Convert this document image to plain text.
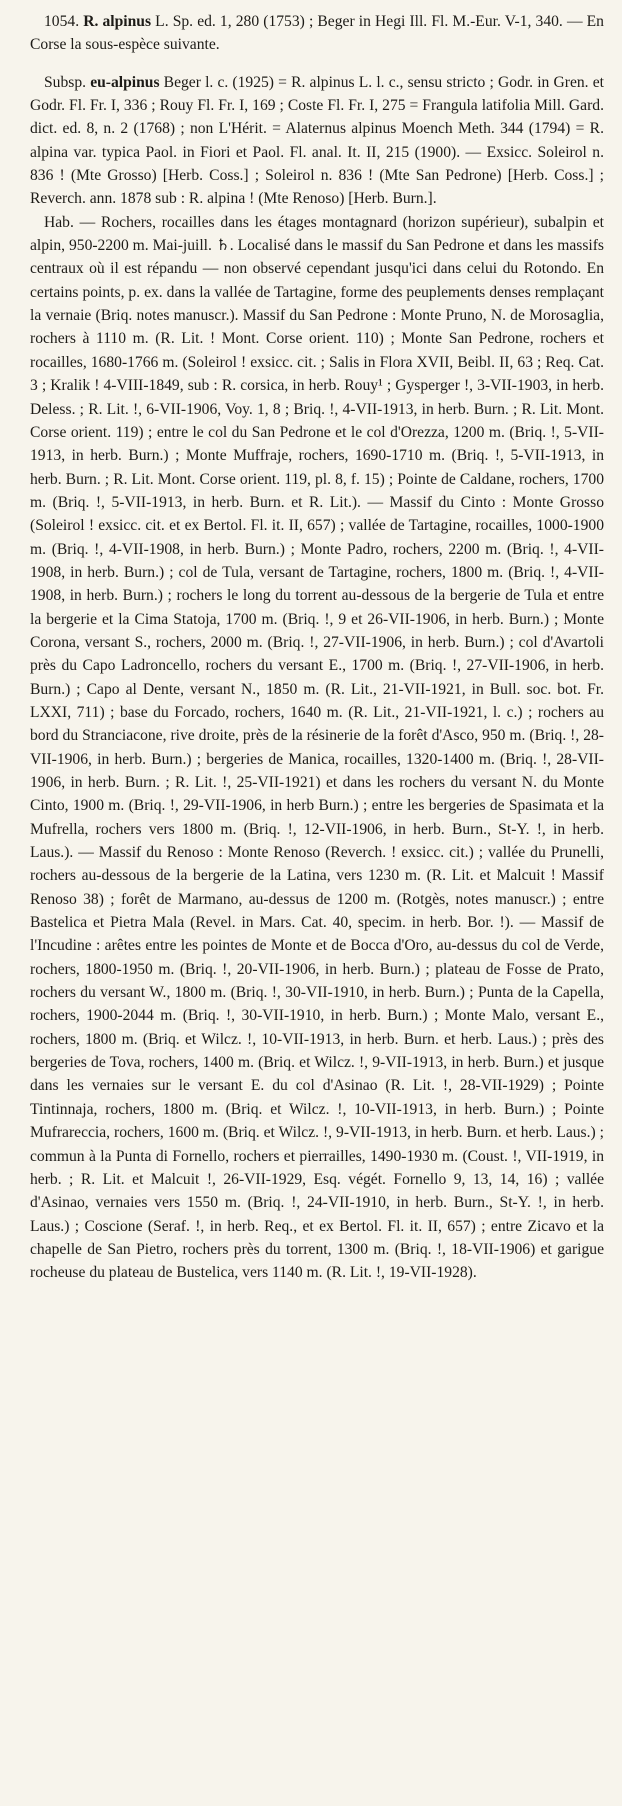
1054. R. alpinus L. Sp. ed. 1, 280 (1753) ; Beger in Hegi Ill. Fl. M.-Eur. V-1, 340. — En Corse la sous-espèce suivante.

Subsp. eu-alpinus Beger l. c. (1925) = R. alpinus L. l. c., sensu stricto ; Godr. in Gren. et Godr. Fl. Fr. I, 336 ; Rouy Fl. Fr. I, 169 ; Coste Fl. Fr. I, 275 = Frangula latifolia Mill. Gard. dict. ed. 8, n. 2 (1768) ; non L'Hérit. = Alaternus alpinus Moench Meth. 344 (1794) = R. alpina var. typica Paol. in Fiori et Paol. Fl. anal. It. II, 215 (1900). — Exsicc. Soleirol n. 836 ! (Mte Grosso) [Herb. Coss.] ; Soleirol n. 836 ! (Mte San Pedrone) [Herb. Coss.] ; Reverch. ann. 1878 sub : R. alpina ! (Mte Renoso) [Herb. Burn.].

Hab. — Rochers, rocailles dans les étages montagnard (horizon supérieur), subalpin et alpin, 950-2200 m. Mai-juill. ♄. Localisé dans le massif du San Pedrone et dans les massifs centraux où il est répandu — non observé cependant jusqu'ici dans celui du Rotondo. En certains points, p. ex. dans la vallée de Tartagine, forme des peuplements denses remplaçant la vernaie (Briq. notes manuscr.). Massif du San Pedrone : Monte Pruno, N. de Morosaglia, rochers à 1110 m. (R. Lit. ! Mont. Corse orient. 110) ; Monte San Pedrone, rochers et rocailles, 1680-1766 m. (Soleirol ! exsicc. cit. ; Salis in Flora XVII, Beibl. II, 63 ; Req. Cat. 3 ; Kralik ! 4-VIII-1849, sub : R. corsica, in herb. Rouy¹ ; Gysperger !, 3-VII-1903, in herb. Deless. ; R. Lit. !, 6-VII-1906, Voy. 1, 8 ; Briq. !, 4-VII-1913, in herb. Burn. ; R. Lit. Mont. Corse orient. 119) ; entre le col du San Pedrone et le col d'Orezza, 1200 m. (Briq. !, 5-VII-1913, in herb. Burn.) ; Monte Muffraje, rochers, 1690-1710 m. (Briq. !, 5-VII-1913, in herb. Burn. ; R. Lit. Mont. Corse orient. 119, pl. 8, f. 15) ; Pointe de Caldane, rochers, 1700 m. (Briq. !, 5-VII-1913, in herb. Burn. et R. Lit.). — Massif du Cinto : Monte Grosso (Soleirol ! exsicc. cit. et ex Bertol. Fl. it. II, 657) ; vallée de Tartagine, rocailles, 1000-1900 m. (Briq. !, 4-VII-1908, in herb. Burn.) ; Monte Padro, rochers, 2200 m. (Briq. !, 4-VII-1908, in herb. Burn.) ; col de Tula, versant de Tartagine, rochers, 1800 m. (Briq. !, 4-VII-1908, in herb. Burn.) ; rochers le long du torrent au-dessous de la bergerie de Tula et entre la bergerie et la Cima Statoja, 1700 m. (Briq. !, 9 et 26-VII-1906, in herb. Burn.) ; Monte Corona, versant S., rochers, 2000 m. (Briq. !, 27-VII-1906, in herb. Burn.) ; col d'Avartoli près du Capo Ladroncello, rochers du versant E., 1700 m. (Briq. !, 27-VII-1906, in herb. Burn.) ; Capo al Dente, versant N., 1850 m. (R. Lit., 21-VII-1921, in Bull. soc. bot. Fr. LXXI, 711) ; base du Forcado, rochers, 1640 m. (R. Lit., 21-VII-1921, l. c.) ; rochers au bord du Stranciacone, rive droite, près de la résinerie de la forêt d'Asco, 950 m. (Briq. !, 28-VII-1906, in herb. Burn.) ; bergeries de Manica, rocailles, 1320-1400 m. (Briq. !, 28-VII-1906, in herb. Burn. ; R. Lit. !, 25-VII-1921) et dans les rochers du versant N. du Monte Cinto, 1900 m. (Briq. !, 29-VII-1906, in herb Burn.) ; entre les bergeries de Spasimata et la Mufrella, rochers vers 1800 m. (Briq. !, 12-VII-1906, in herb. Burn., St-Y. !, in herb. Laus.). — Massif du Renoso : Monte Renoso (Reverch. ! exsicc. cit.) ; vallée du Prunelli, rochers au-dessous de la bergerie de la Latina, vers 1230 m. (R. Lit. et Malcuit ! Massif Renoso 38) ; forêt de Marmano, au-dessus de 1200 m. (Rotgès, notes manuscr.) ; entre Bastelica et Pietra Mala (Revel. in Mars. Cat. 40, specim. in herb. Bor. !). — Massif de l'Incudine : arêtes entre les pointes de Monte et de Bocca d'Oro, au-dessus du col de Verde, rochers, 1800-1950 m. (Briq. !, 20-VII-1906, in herb. Burn.) ; plateau de Fosse de Prato, rochers du versant W., 1800 m. (Briq. !, 30-VII-1910, in herb. Burn.) ; Punta de la Capella, rochers, 1900-2044 m. (Briq. !, 30-VII-1910, in herb. Burn.) ; Monte Malo, versant E., rochers, 1800 m. (Briq. et Wilcz. !, 10-VII-1913, in herb. Burn. et herb. Laus.) ; près des bergeries de Tova, rochers, 1400 m. (Briq. et Wilcz. !, 9-VII-1913, in herb. Burn.) et jusque dans les vernaies sur le versant E. du col d'Asinao (R. Lit. !, 28-VII-1929) ; Pointe Tintinnaja, rochers, 1800 m. (Briq. et Wilcz. !, 10-VII-1913, in herb. Burn.) ; Pointe Mufrareccia, rochers, 1600 m. (Briq. et Wilcz. !, 9-VII-1913, in herb. Burn. et herb. Laus.) ; commun à la Punta di Fornello, rochers et pierrailles, 1490-1930 m. (Coust. !, VII-1919, in herb. ; R. Lit. et Malcuit !, 26-VII-1929, Esq. végét. Fornello 9, 13, 14, 16) ; vallée d'Asinao, vernaies vers 1550 m. (Briq. !, 24-VII-1910, in herb. Burn., St-Y. !, in herb. Laus.) ; Coscione (Seraf. !, in herb. Req., et ex Bertol. Fl. it. II, 657) ; entre Zicavo et la chapelle de San Pietro, rochers près du torrent, 1300 m. (Briq. !, 18-VII-1906) et garigue rocheuse du plateau de Bustelica, vers 1140 m. (R. Lit. !, 19-VII-1928).
